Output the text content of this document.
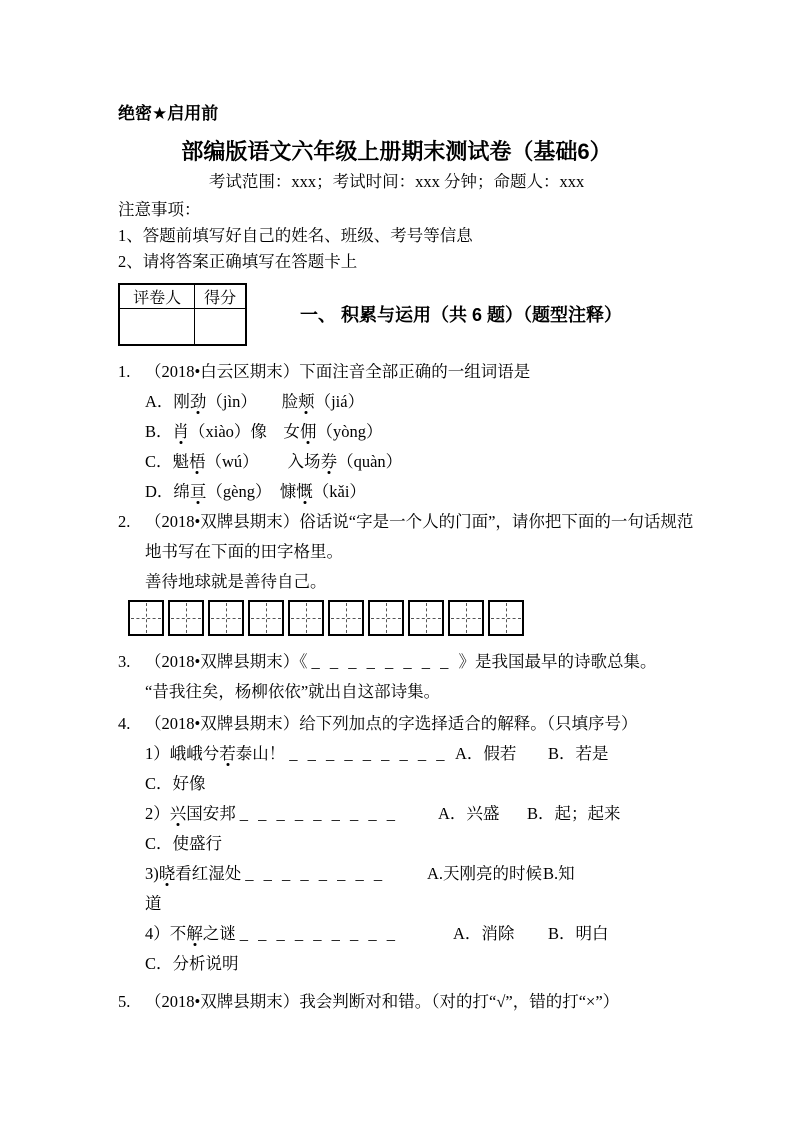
绝密★启用前
部编版语文六年级上册期末测试卷（基础6）
考试范围：xxx；考试时间：xxx 分钟；命题人：xxx
注意事项：
1、答题前填写好自己的姓名、班级、考号等信息
2、请将答案正确填写在答题卡上
评卷人	得分

一、 积累与运用（共 6 题）（题型注释）
1. （2018•白云区期末）下面注音全部正确的一组词语是
A．刚劲（jìn）　　脸颊（jiá）
B．肖（xiào）像　女佣（yòng）
C．魁梧（wú）　　 入场券（quàn）
D．绵亘（gèng）　慷慨（kǎi）
2. （2018•双牌县期末）俗话说“字是一个人的门面”，请你把下面的一句话规范
地书写在下面的田字格里。
善待地球就是善待自己。
3. （2018•双牌县期末）《 _ _ _ _ _ _ _ _ 》是我国最早的诗歌总集。
“昔我往矣，杨柳依依”就出自这部诗集。
4. （2018•双牌县期末）给下列加点的字选择适合的解释。（只填序号）
1）峨峨兮若泰山！ _ _ _ _ _ _ _ _ _ A．假若 B．若是
C．好像
2）兴国安邦 _ _ _ _ _ _ _ _ _ A．兴盛 B．起；起来
C．使盛行
3)晓看红湿处 _ _ _ _ _ _ _ _	A.天刚亮的时候 B.知
道
4）不解之谜 _ _ _ _ _ _ _ _ _	A．消除 B．明白
C．分析说明
5. （2018•双牌县期末）我会判断对和错。（对的打“√”，错的打“×”）
